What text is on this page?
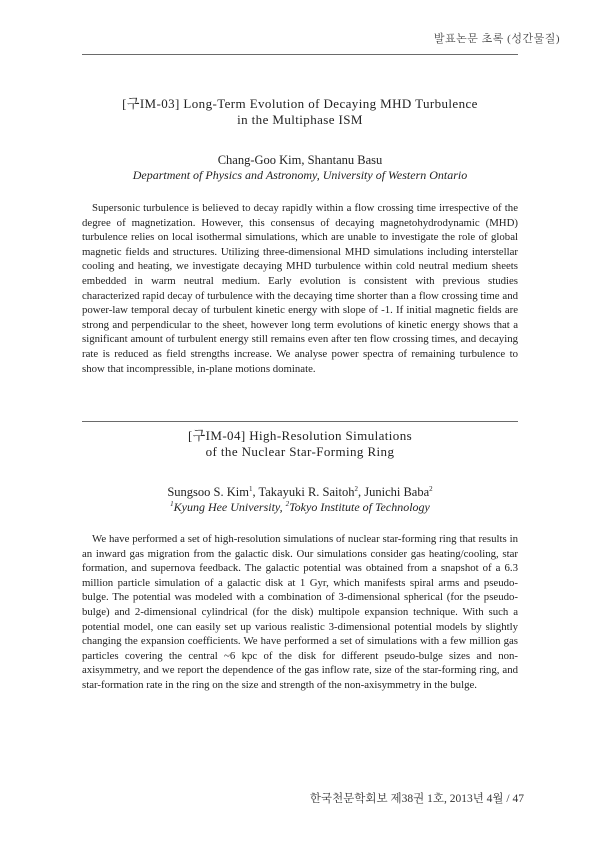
발표논문 초록 (성간물질)
[구IM-03] Long-Term Evolution of Decaying MHD Turbulence
in the Multiphase ISM
Chang-Goo Kim, Shantanu Basu
Department of Physics and Astronomy, University of Western Ontario

Supersonic turbulence is believed to decay rapidly within a flow crossing time irrespective of the degree of magnetization. However, this consensus of decaying magnetohydrodynamic (MHD) turbulence relies on local isothermal simulations, which are unable to investigate the role of global magnetic fields and structures. Utilizing three-dimensional MHD simulations including interstellar cooling and heating, we investigate decaying MHD turbulence within cold neutral medium sheets embedded in warm neutral medium. Early evolution is consistent with previous studies characterized rapid decay of turbulence with the decaying time shorter than a flow crossing time and power-law temporal decay of turbulent kinetic energy with slope of -1. If initial magnetic fields are strong and perpendicular to the sheet, however long term evolutions of kinetic energy shows that a significant amount of turbulent energy still remains even after ten flow crossing times, and decaying rate is reduced as field strengths increase. We analyse power spectra of remaining turbulence to show that incompressible, in-plane motions dominate.

[구IM-04] High-Resolution Simulations
of the Nuclear Star-Forming Ring
Sungsoo S. Kim$^1$, Takayuki R. Saitoh$^2$, Junichi Baba$^2$
$^1$Kyung Hee University, $^2$Tokyo Institute of Technology

We have performed a set of high-resolution simulations of nuclear star-forming ring that results in an inward gas migration from the galactic disk. Our simulations consider gas heating/cooling, star formation, and supernova feedback. The galactic potential was obtained from a snapshot of a 6.3 million particle simulation of a galactic disk at 1 Gyr, which manifests spiral arms and pseudo-bulge. The potential was modeled with a combination of 3-dimensional spherical (for the pseudo-bulge) and 2-dimensional cylindrical (for the disk) multipole expansion technique. With such a potential model, one can easily set up various realistic 3-dimensional potential models by slightly changing the expansion coefficients. We have performed a set of simulations with a few million gas particles covering the central ~6 kpc of the disk for different pseudo-bulge sizes and non-axisymmetry, and we report the dependence of the gas inflow rate, size of the star-forming ring, and star-formation rate in the ring on the size and strength of the non-axisymmetry in the bulge.

한국천문학회보 제38권 1호, 2013년 4월 / 47
